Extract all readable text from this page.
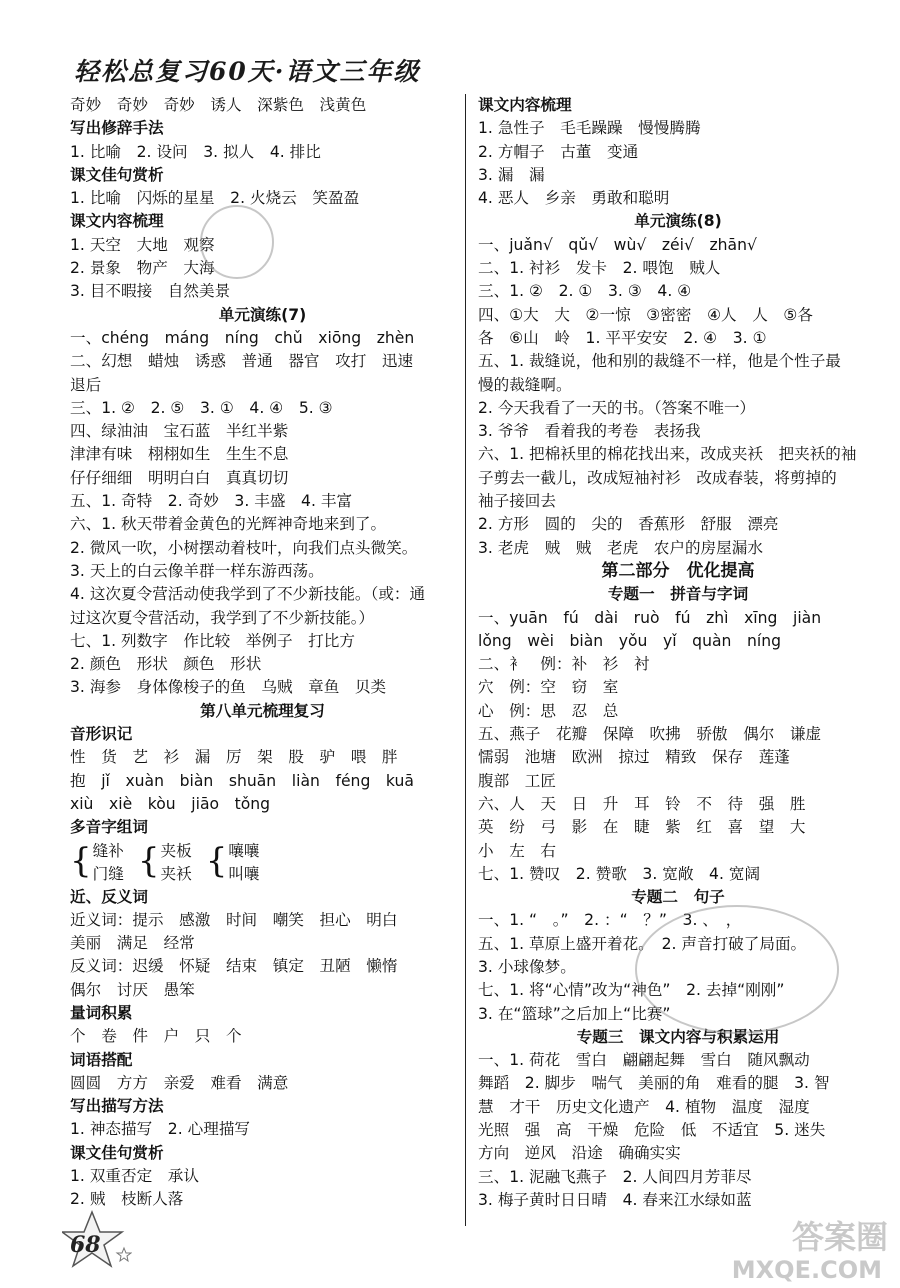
轻松总复习60天·语文三年级
奇妙　奇妙　奇妙　诱人　深紫色　浅黄色
写出修辞手法
1. 比喻　2. 设问　3. 拟人　4. 排比
课文佳句赏析
1. 比喻　闪烁的星星　2. 火烧云　笑盈盈
课文内容梳理
1. 天空　大地　观察
2. 景象　物产　大海
3. 目不暇接　自然美景
单元演练(7)
一、chéng　máng　níng　chǔ　xiōng　zhèn
二、幻想　蜡烛　诱惑　普通　器官　攻打　迅速
退后
三、1. ②　2. ⑤　3. ①　4. ④　5. ③
四、绿油油　宝石蓝　半红半紫
津津有味　栩栩如生　生生不息
仔仔细细　明明白白　真真切切
五、1. 奇特　2. 奇妙　3. 丰盛　4. 丰富
六、1. 秋天带着金黄色的光辉神奇地来到了。
2. 微风一吹，小树摆动着枝叶，向我们点头微笑。
3. 天上的白云像羊群一样东游西荡。
4. 这次夏令营活动使我学到了不少新技能。（或：通
过这次夏令营活动，我学到了不少新技能。）
七、1. 列数字　作比较　举例子　打比方
2. 颜色　形状　颜色　形状
3. 海参　身体像梭子的鱼　乌贼　章鱼　贝类
第八单元梳理复习
音形识记
性　货　艺　衫　漏　厉　架　股　驴　喂　胖
抱　jǐ　xuàn　biàn　shuān　liàn　féng　kuā
xiù　xiè　kòu　jiāo　tǒng
多音字组词
{ 缝补
门缝 { 夹板
夹袄 { 嚷嚷
叫嚷
近、反义词
近义词：提示　感激　时间　嘲笑　担心　明白
美丽　满足　经常
反义词：迟缓　怀疑　结束　镇定　丑陋　懒惰
偶尔　讨厌　愚笨
量词积累
个　卷　件　户　只　个
词语搭配
圆圆　方方　亲爱　难看　满意
写出描写方法
1. 神态描写　2. 心理描写
课文佳句赏析
1. 双重否定　承认
2. 贼　枝断人落
课文内容梳理
1. 急性子　毛毛躁躁　慢慢腾腾
2. 方帽子　古董　变通
3. 漏　漏
4. 恶人　乡亲　勇敢和聪明
单元演练(8)
一、juǎn√　qǔ√　wù√　zéi√　zhān√
二、1. 衬衫　发卡　2. 喂饱　贼人
三、1. ②　2. ①　3. ③　4. ④
四、①大　大　②一惊　③密密　④人　人　⑤各
各　⑥山　岭　1. 平平安安　2. ④　3. ①
五、1. 裁缝说，他和别的裁缝不一样，他是个性子最
慢的裁缝啊。
2. 今天我看了一天的书。（答案不唯一）
3. 爷爷　看着我的考卷　表扬我
六、1. 把棉袄里的棉花找出来，改成夹袄　把夹袄的袖
子剪去一截儿，改成短袖衬衫　改成春装，将剪掉的
袖子接回去
2. 方形　圆的　尖的　香蕉形　舒服　漂亮
3. 老虎　贼　贼　老虎　农户的房屋漏水
第二部分　优化提高
专题一　拼音与字词
一、yuān　fú　dài　ruò　fú　zhì　xīng　jiàn
lǒng　wèi　biàn　yǒu　yǐ　quàn　níng
二、衤　例：补　衫　衬
穴　例：空　窃　室
心　例：思　忍　总
五、燕子　花瓣　保障　吹拂　骄傲　偶尔　谦虚
懦弱　池塘　欧洲　掠过　精致　保存　莲蓬
腹部　工匠
六、人　天　日　升　耳　铃　不　待　强　胜
英　纷　弓　影　在　睫　紫　红　喜　望　大
小　左　右
七、1. 赞叹　2. 赞歌　3. 宽敞　4. 宽阔
专题二　句子
一、1. “　。”　2. ：“　？”　3. 、　，
五、1. 草原上盛开着花。　2. 声音打破了局面。
3. 小球像梦。
七、1. 将“心情”改为“神色”　2. 去掉“刚刚”
3. 在“篮球”之后加上“比赛”
专题三　课文内容与积累运用
一、1. 荷花　雪白　翩翩起舞　雪白　随风飘动
舞蹈　2. 脚步　喘气　美丽的角　难看的腿　3. 智
慧　才干　历史文化遗产　4. 植物　温度　湿度
光照　强　高　干燥　危险　低　不适宜　5. 迷失
方向　逆风　沿途　确确实实
三、1. 泥融飞燕子　2. 人间四月芳菲尽
3. 梅子黄时日日晴　4. 春来江水绿如蓝
答案圈
MXQE.COM
68
